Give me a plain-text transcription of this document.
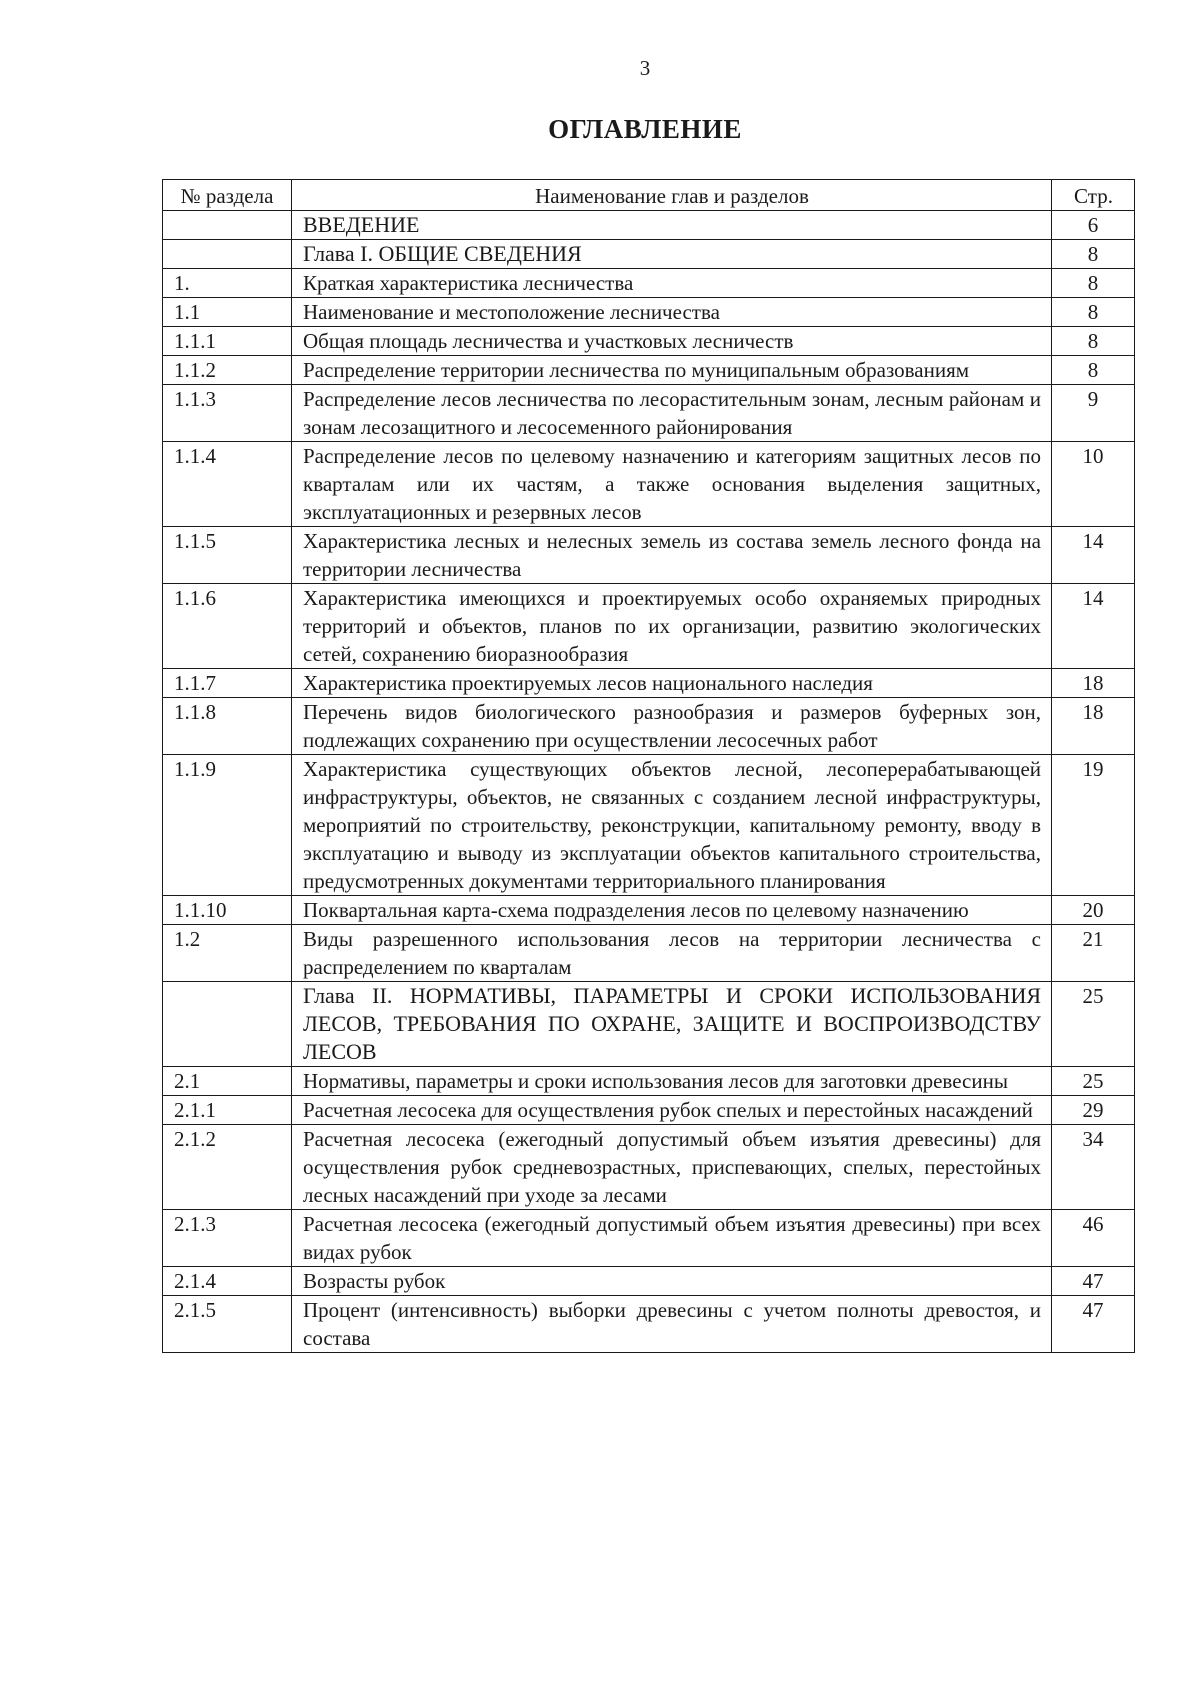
3
ОГЛАВЛЕНИЕ
№ раздела	Наименование глав и разделов	Стр.
	ВВЕДЕНИЕ	6
	Глава I. ОБЩИЕ СВЕДЕНИЯ	8
1.	Краткая характеристика лесничества	8
1.1	Наименование и местоположение лесничества	8
1.1.1	Общая площадь лесничества и участковых лесничеств	8
1.1.2	Распределение территории лесничества по муниципальным образованиям	8
1.1.3	Распределение лесов лесничества по лесорастительным зонам, лесным районам и зонам лесозащитного и лесосеменного районирования	9
1.1.4	Распределение лесов по целевому назначению и категориям защитных лесов по кварталам или их частям, а также основания выделения защитных, эксплуатационных и резервных лесов	10
1.1.5	Характеристика лесных и нелесных земель из состава земель лесного фонда на территории лесничества	14
1.1.6	Характеристика имеющихся и проектируемых особо охраняемых природных территорий и объектов, планов по их организации, развитию экологических сетей, сохранению биоразнообразия	14
1.1.7	Характеристика проектируемых лесов национального наследия	18
1.1.8	Перечень видов биологического разнообразия и размеров буферных зон, подлежащих сохранению при осуществлении лесосечных работ	18
1.1.9	Характеристика существующих объектов лесной, лесоперерабатывающей инфраструктуры, объектов, не связанных с созданием лесной инфраструктуры, мероприятий по строительству, реконструкции, капитальному ремонту, вводу в эксплуатацию и выводу из эксплуатации объектов капитального строительства, предусмотренных документами территориального планирования	19
1.1.10	Поквартальная карта-схема подразделения лесов по целевому назначению	20
1.2	Виды разрешенного использования лесов на территории лесничества с распределением по кварталам	21
	Глава II. НОРМАТИВЫ, ПАРАМЕТРЫ И СРОКИ ИСПОЛЬЗОВАНИЯ ЛЕСОВ, ТРЕБОВАНИЯ ПО ОХРАНЕ, ЗАЩИТЕ И ВОСПРОИЗВОДСТВУ ЛЕСОВ	25
2.1	Нормативы, параметры и сроки использования лесов для заготовки древесины	25
2.1.1	Расчетная лесосека для осуществления рубок спелых и перестойных насаждений	29
2.1.2	Расчетная лесосека (ежегодный допустимый объем изъятия древесины) для осуществления рубок средневозрастных, приспевающих, спелых, перестойных лесных насаждений при уходе за лесами	34
2.1.3	Расчетная лесосека (ежегодный допустимый объем изъятия древесины) при всех видах рубок	46
2.1.4	Возрасты рубок	47
2.1.5	Процент (интенсивность) выборки древесины с учетом полноты древостоя, и состава	47
